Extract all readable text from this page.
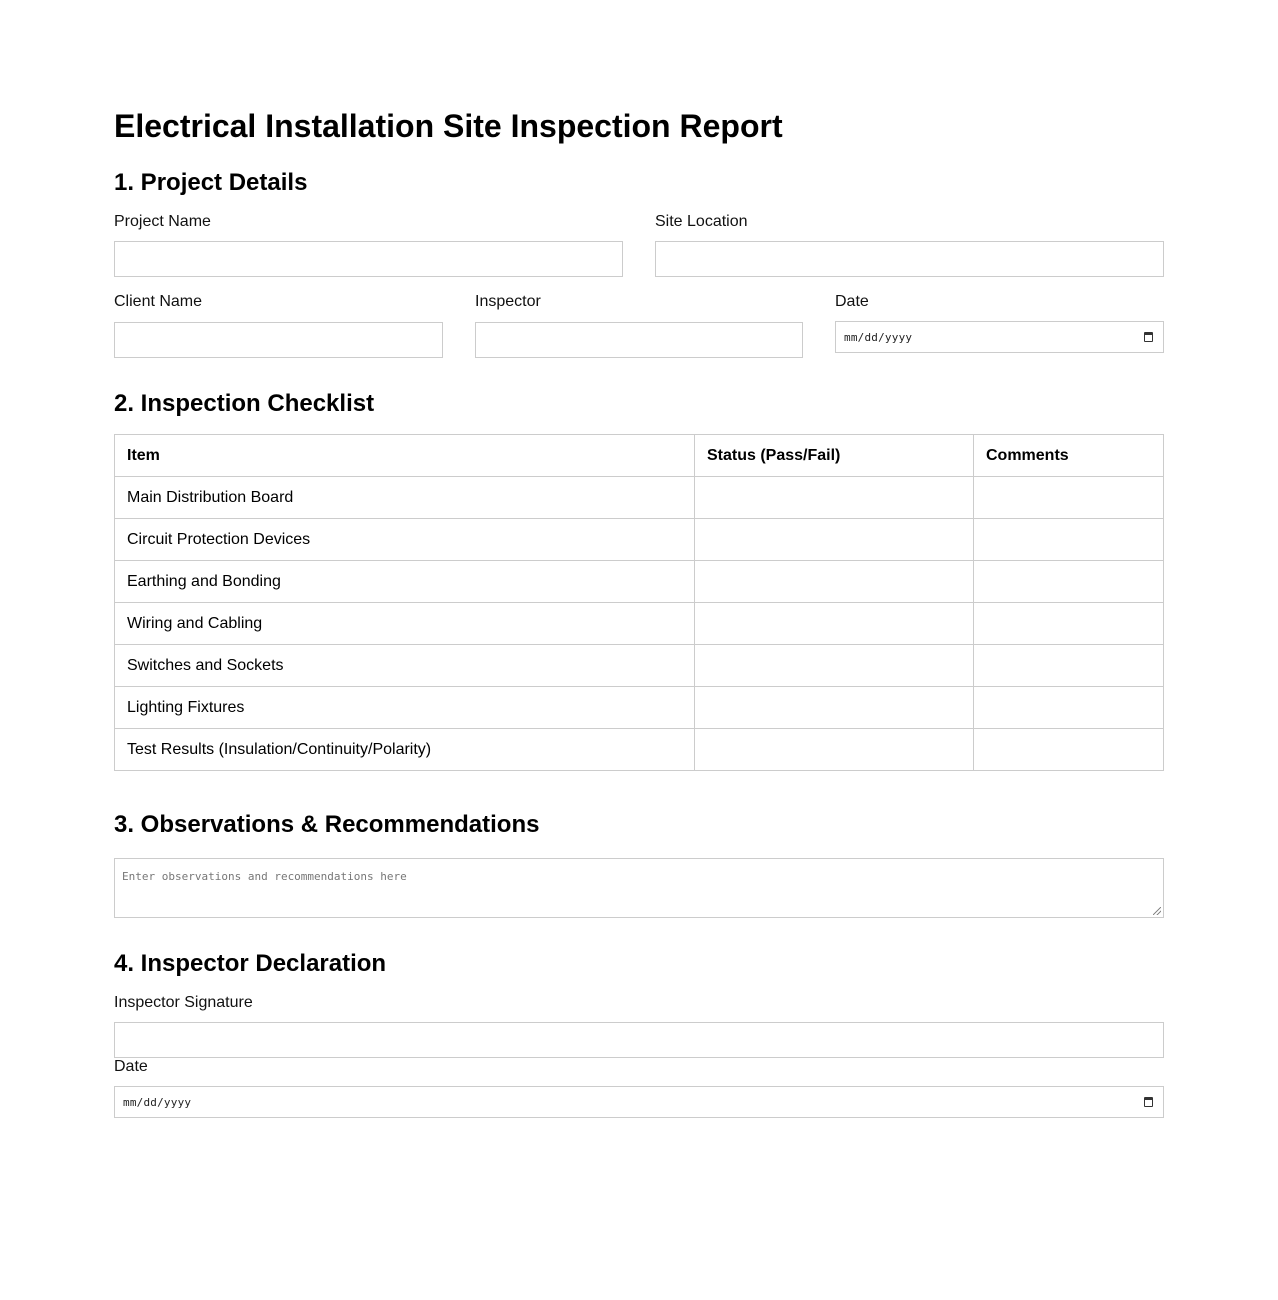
Electrical Installation Site Inspection Report
1. Project Details
Project Name	Site Location
Client Name	Inspector	Date
mm/dd/yyyy
2. Inspection Checklist
Item	Status (Pass/Fail)	Comments
Main Distribution Board		
Circuit Protection Devices		
Earthing and Bonding		
Wiring and Cabling		
Switches and Sockets		
Lighting Fixtures		
Test Results (Insulation/Continuity/Polarity)		
3. Observations & Recommendations
Enter observations and recommendations here
4. Inspector Declaration
Inspector Signature
Date
mm/dd/yyyy
